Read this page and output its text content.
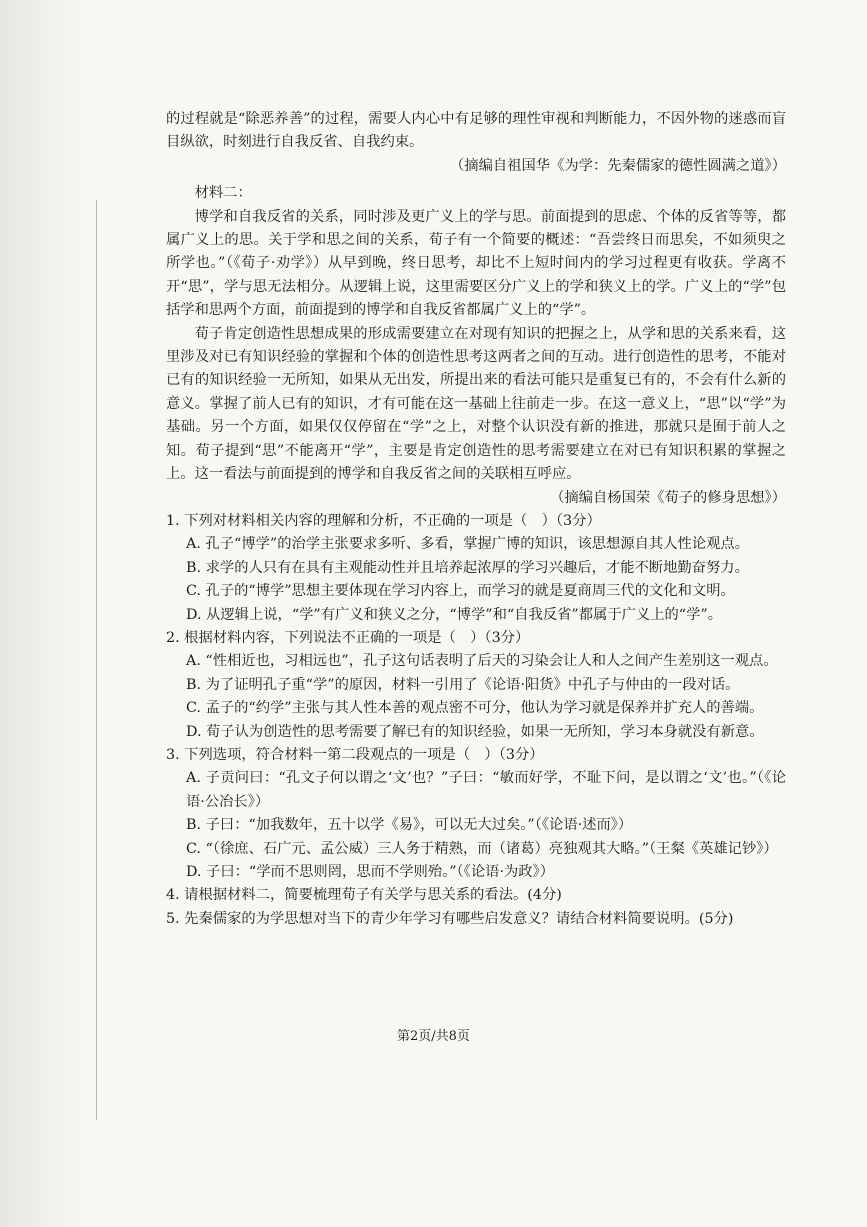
的过程就是“除恶养善”的过程，需要人内心中有足够的理性审视和判断能力，不因外物的迷惑而盲目纵欲，时刻进行自我反省、自我约束。

（摘编自祖国华《为学：先秦儒家的德性圆满之道》）

材料二：

博学和自我反省的关系，同时涉及更广义上的学与思。前面提到的思虑、个体的反省等等，都属广义上的思。关于学和思之间的关系，荀子有一个简要的概述：“吾尝终日而思矣，不如须臾之所学也。”（《荀子·劝学》）从早到晚，终日思考，却比不上短时间内的学习过程更有收获。学离不开“思”，学与思无法相分。从逻辑上说，这里需要区分广义上的学和狭义上的学。广义上的“学”包括学和思两个方面，前面提到的博学和自我反省都属广义上的“学”。

荀子肯定创造性思想成果的形成需要建立在对现有知识的把握之上，从学和思的关系来看，这里涉及对已有知识经验的掌握和个体的创造性思考这两者之间的互动。进行创造性的思考，不能对已有的知识经验一无所知，如果从无出发，所提出来的看法可能只是重复已有的，不会有什么新的意义。掌握了前人已有的知识，才有可能在这一基础上往前走一步。在这一意义上，“思”以“学”为基础。另一个方面，如果仅仅停留在“学”之上，对整个认识没有新的推进，那就只是囿于前人之知。荀子提到“思”不能离开“学”，主要是肯定创造性的思考需要建立在对已有知识积累的掌握之上。这一看法与前面提到的博学和自我反省之间的关联相互呼应。

（摘编自杨国荣《荀子的修身思想》）

1. 下列对材料相关内容的理解和分析，不正确的一项是（　）（3分）

A. 孔子“博学”的治学主张要求多听、多看，掌握广博的知识，该思想源自其人性论观点。

B. 求学的人只有在具有主观能动性并且培养起浓厚的学习兴趣后，才能不断地勤奋努力。

C. 孔子的“博学”思想主要体现在学习内容上，而学习的就是夏商周三代的文化和文明。

D. 从逻辑上说，“学”有广义和狭义之分，“博学”和“自我反省”都属于广义上的“学”。

2. 根据材料内容，下列说法不正确的一项是（　）（3分）

A. “性相近也，习相远也”，孔子这句话表明了后天的习染会让人和人之间产生差别这一观点。

B. 为了证明孔子重“学”的原因，材料一引用了《论语·阳货》中孔子与仲由的一段对话。

C. 孟子的“约学”主张与其人性本善的观点密不可分，他认为学习就是保养并扩充人的善端。

D. 荀子认为创造性的思考需要了解已有的知识经验，如果一无所知，学习本身就没有新意。

3. 下列选项，符合材料一第二段观点的一项是（　）（3分）

A. 子贡问曰：“孔文子何以谓之‘文’也？”子曰：“敏而好学，不耻下问，是以谓之‘文’也。”（《论语·公冶长》）

B. 子曰：“加我数年，五十以学《易》，可以无大过矣。”（《论语·述而》）

C. “（徐庶、石广元、孟公威）三人务于精熟，而（诸葛）亮独观其大略。”（王粲《英雄记钞》）

D. 子曰：“学而不思则罔，思而不学则殆。”（《论语·为政》）

4. 请根据材料二，简要梳理荀子有关学与思关系的看法。(4分)

5. 先秦儒家的为学思想对当下的青少年学习有哪些启发意义？请结合材料简要说明。(5分)

第2页/共8页
